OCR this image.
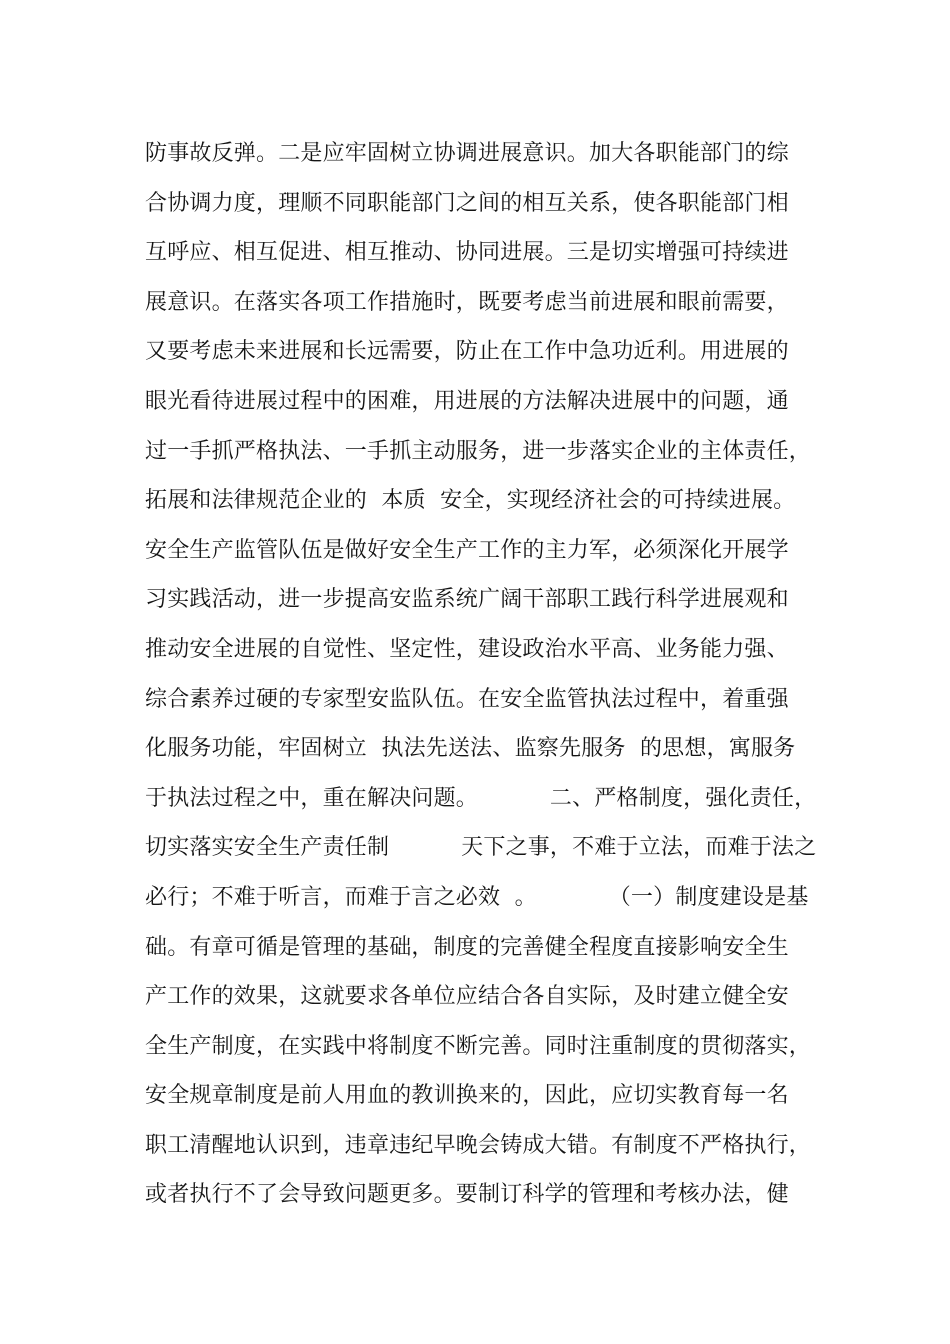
防事故反弹。二是应牢固树立协调进展意识。加大各职能部门的综
合协调力度，理顺不同职能部门之间的相互关系，使各职能部门相
互呼应、相互促进、相互推动、协同进展。三是切实增强可持续进
展意识。在落实各项工作措施时，既要考虑当前进展和眼前需要，
又要考虑未来进展和长远需要，防止在工作中急功近利。用进展的
眼光看待进展过程中的困难，用进展的方法解决进展中的问题，通
过一手抓严格执法、一手抓主动服务，进一步落实企业的主体责任，
拓展和法律规范企业的  本质  安全，实现经济社会的可持续进展。
安全生产监管队伍是做好安全生产工作的主力军，必须深化开展学
习实践活动，进一步提高安监系统广阔干部职工践行科学进展观和
推动安全进展的自觉性、坚定性，建设政治水平高、业务能力强、
综合素养过硬的专家型安监队伍。在安全监管执法过程中，着重强
化服务功能，牢固树立  执法先送法、监察先服务  的思想，寓服务
于执法过程之中，重在解决问题。          二、严格制度，强化责任，
切实落实安全生产责任制          天下之事，不难于立法，而难于法之
必行；不难于听言，而难于言之必效  。          （一）制度建设是基
础。有章可循是管理的基础，制度的完善健全程度直接影响安全生
产工作的效果，这就要求各单位应结合各自实际，及时建立健全安
全生产制度，在实践中将制度不断完善。同时注重制度的贯彻落实，
安全规章制度是前人用血的教训换来的，因此，应切实教育每一名
职工清醒地认识到，违章违纪早晚会铸成大错。有制度不严格执行，
或者执行不了会导致问题更多。要制订科学的管理和考核办法，健
